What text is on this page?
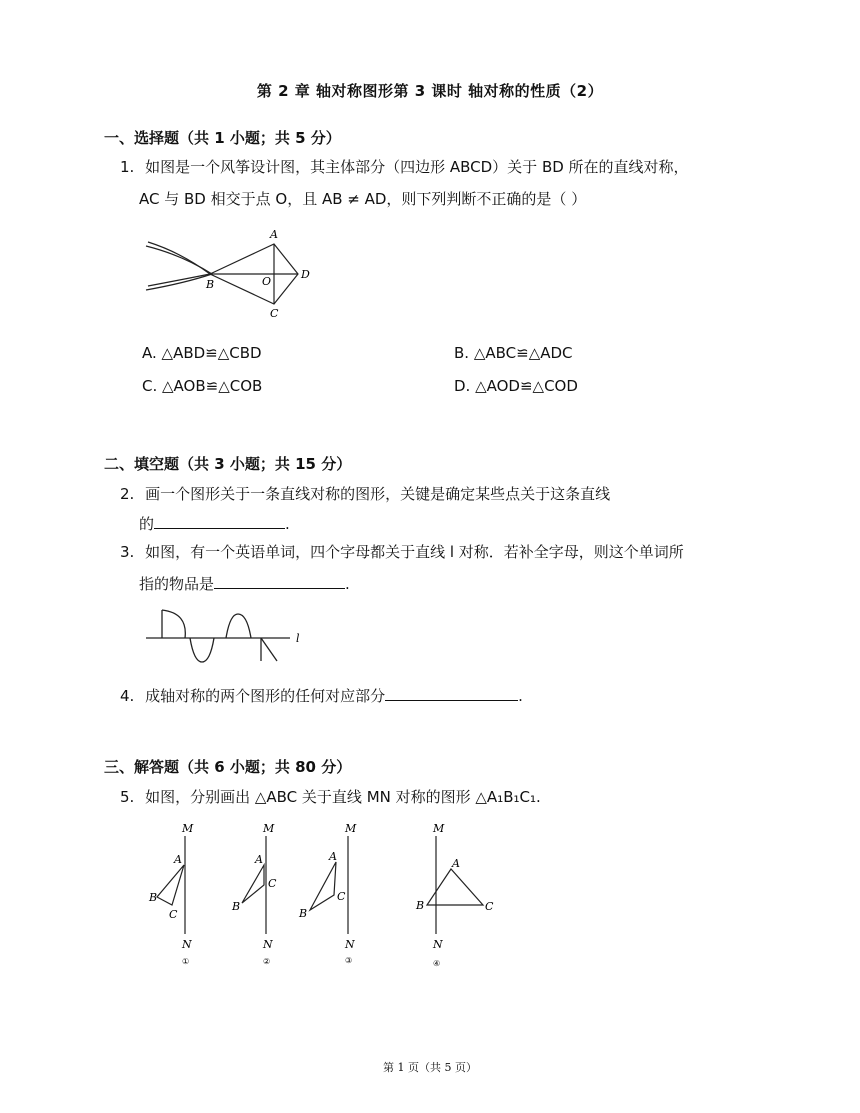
第 2 章 轴对称图形第 3 课时 轴对称的性质（2）
一、选择题（共 1 小题；共 5 分）
1. 如图是一个风筝设计图，其主体部分（四边形 ABCD）关于 BD 所在的直线对称，
AC 与 BD 相交于点 O，且 AB ≠ AD，则下列判断不正确的是（ ）
A
B
C
D
O
A. △ABD≌△CBD	B. △ABC≌△ADC
C. △AOB≌△COB	D. △AOD≌△COD
二、填空题（共 3 小题；共 15 分）
2. 画一个图形关于一条直线对称的图形，关键是确定某些点关于这条直线
的	.
3. 如图，有一个英语单词，四个字母都关于直线 l 对称．若补全字母，则这个单词所
指的物品是	.
l
4. 成轴对称的两个图形的任何对应部分	.
三、解答题（共 6 小题；共 80 分）
5. 如图，分别画出 △ABC 关于直线 MN 对称的图形 △A₁B₁C₁.
M
A
B
C
N
①
M
A
B
C
N
②
M
A
B
C
N
③
M
A
B	C
N
④
第 1 页（共 5 页）
